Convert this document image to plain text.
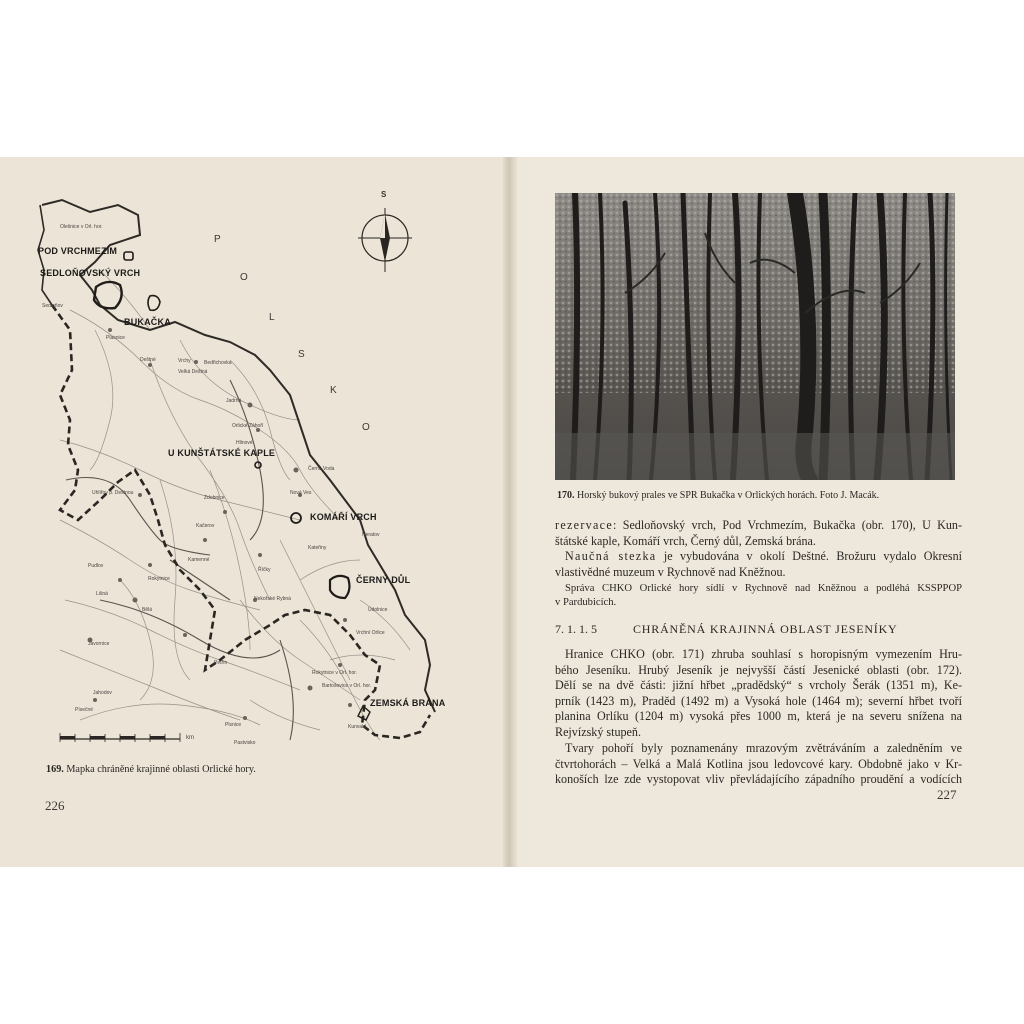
POD VRCHMEZÍM
SEDLOŇOVSKÝ VRCH
BUKAČKA
U KUNŠTÁTSKÉ KAPLE
KOMÁŘÍ VRCH
ČERNÝ DŮL
ZEMSKÁ BRÁNA
P
O
L
S
K
O
S
Olešnice v Orl. hor.
Sedloňov
Plasnice
Deštné	Vrchy
Velká Deštná
Bedřichovka
Jadrná
Orlické Záhoří
Hlinové
Černá Voda
Nová Ves
Uhlířov p. Deštnou
Zdobnice
Kačerov
Kateřiny
Kamenné
Neratov
Říčky
Nekořské Rybná
Údolnice
Pudlov
Rokytnice
Lišná
Bělá
Vrchní Orlice
Javornice
Petřín
Rokytnice v Orl. hor.
Bartošovice v Orl. hor.
Jahodov
Písečné
Kunvald
Pastvisko
Plsnice
km
169. Mapka chráněné krajinné oblasti Orlické hory.
226
170. Horský bukový prales ve SPR Bukačka v Orlických horách. Foto J. Macák.

rezervace: Sedloňovský vrch, Pod Vrchmezím, Bukačka (obr. 170), U Kun-

štátské kaple, Komáří vrch, Černý důl, Zemská brána.

Naučná stezka je vybudována v okolí Deštné. Brožuru vydalo Okresní

vlastivědné muzeum v Rychnově nad Kněžnou.

Správa CHKO Orlické hory sídlí v Rychnově nad Kněžnou a podléhá KSSPPOP

v Pardubicích.

7. 1. 1. 5	CHRÁNĚNÁ KRAJINNÁ OBLAST JESENÍKY

Hranice CHKO (obr. 171) zhruba souhlasí s horopisným vymezením Hru-

bého Jeseníku. Hrubý Jeseník je nejvyšší částí Jesenické oblasti (obr. 172).

Dělí se na dvě části: jižní hřbet „pradědský“ s vrcholy Šerák (1351 m), Ke-

prník (1423 m), Praděd (1492 m) a Vysoká hole (1464 m); severní hřbet tvoří

planina Orlíku (1204 m) vysoká přes 1000 m, která je na severu snížena na

Rejvízský stupeň.

Tvary pohoří byly poznamenány mrazovým zvětráváním a zaledněním ve

čtvrtohorách – Velká a Malá Kotlina jsou ledovcové kary. Obdobně jako v Kr-

konoších lze zde vystopovat vliv převládajícího západního proudění a vodících

227
